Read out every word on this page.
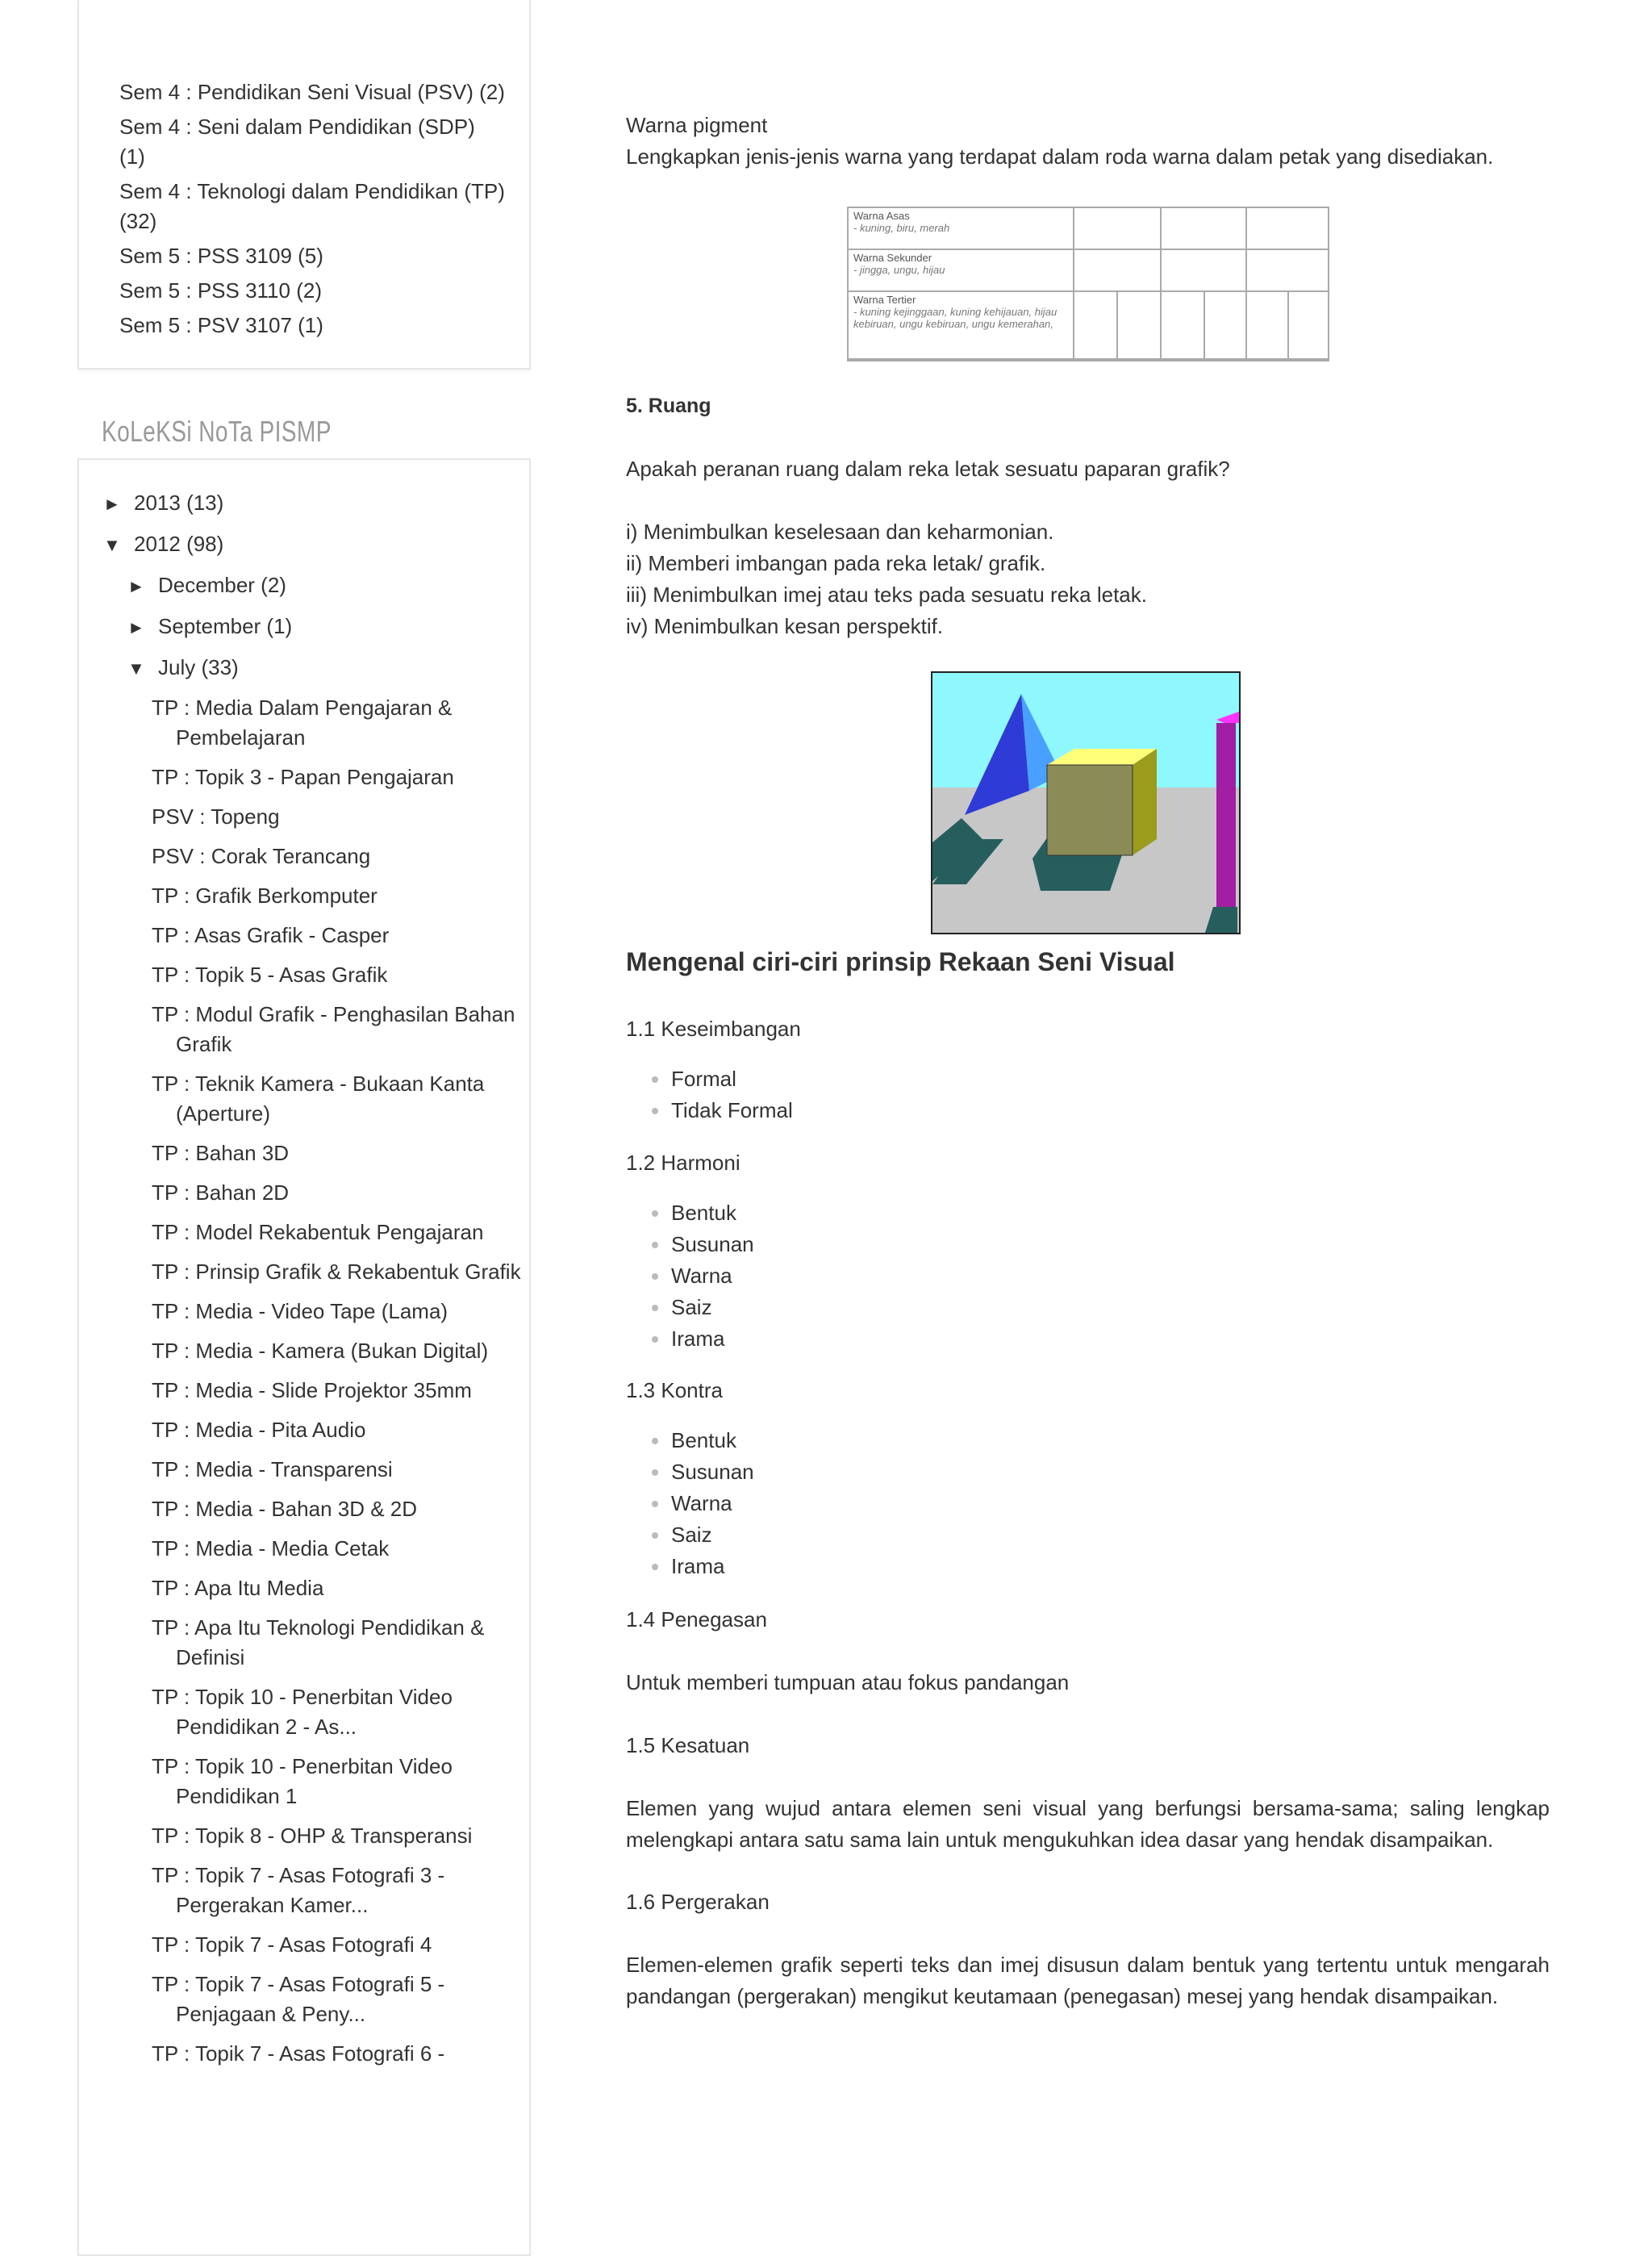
Sem 4 : Pendidikan Seni Visual (PSV) (2)
Sem 4 : Seni dalam Pendidikan (SDP) (1)
Sem 4 : Teknologi dalam Pendidikan (TP) (32)
Sem 5 : PSS 3109 (5)
Sem 5 : PSS 3110 (2)
Sem 5 : PSV 3107 (1)
KoLeKSi NoTa PISMP
► 2013 (13)
▼ 2012 (98)
► December (2)
► September (1)
▼ July (33)
TP : Media Dalam Pengajaran & Pembelajaran
TP : Topik 3 - Papan Pengajaran
PSV : Topeng
PSV : Corak Terancang
TP : Grafik Berkomputer
TP : Asas Grafik - Casper
TP : Topik 5 - Asas Grafik
TP : Modul Grafik - Penghasilan Bahan Grafik
TP : Teknik Kamera - Bukaan Kanta (Aperture)
TP : Bahan 3D
TP : Bahan 2D
TP : Model Rekabentuk Pengajaran
TP : Prinsip Grafik & Rekabentuk Grafik
TP : Media - Video Tape (Lama)
TP : Media - Kamera (Bukan Digital)
TP : Media - Slide Projektor 35mm
TP : Media - Pita Audio
TP : Media - Transparensi
TP : Media - Bahan 3D & 2D
TP : Media - Media Cetak
TP : Apa Itu Media
TP : Apa Itu Teknologi Pendidikan & Definisi
TP : Topik 10 - Penerbitan Video Pendidikan 2 - As...
TP : Topik 10 - Penerbitan Video Pendidikan 1
TP : Topik 8 - OHP & Transperansi
TP : Topik 7 - Asas Fotografi 3 - Pergerakan Kamer...
TP : Topik 7 - Asas Fotografi 4
TP : Topik 7 - Asas Fotografi 5 - Penjagaan & Peny...
TP : Topik 7 - Asas Fotografi 6 -

Warna pigment

Lengkapkan jenis-jenis warna yang terdapat dalam roda warna dalam petak yang disediakan.

Warna Asas
- kuning, biru, merah
Warna Sekunder
- jingga, ungu, hijau
Warna Tertier
- kuning kejinggaan, kuning kehijauan, hijau kebiruan, ungu kebiruan, ungu kemerahan,

5. Ruang

Apakah peranan ruang dalam reka letak sesuatu paparan grafik?

i) Menimbulkan keselesaan dan keharmonian.

ii) Memberi imbangan pada reka letak/ grafik.

iii) Menimbulkan imej atau teks pada sesuatu reka letak.

iv) Menimbulkan kesan perspektif.

Mengenal ciri-ciri prinsip Rekaan Seni Visual

1.1 Keseimbangan

Formal
Tidak Formal

1.2 Harmoni

Bentuk
Susunan
Warna
Saiz
Irama

1.3 Kontra

Bentuk
Susunan
Warna
Saiz
Irama

1.4 Penegasan

Untuk memberi tumpuan atau fokus pandangan

1.5 Kesatuan

Elemen yang wujud antara elemen seni visual yang berfungsi bersama-sama; saling lengkap melengkapi antara satu sama lain untuk mengukuhkan idea dasar yang hendak disampaikan.

1.6 Pergerakan

Elemen-elemen grafik seperti teks dan imej disusun dalam bentuk yang tertentu untuk mengarah pandangan (pergerakan) mengikut keutamaan (penegasan) mesej yang hendak disampaikan.
